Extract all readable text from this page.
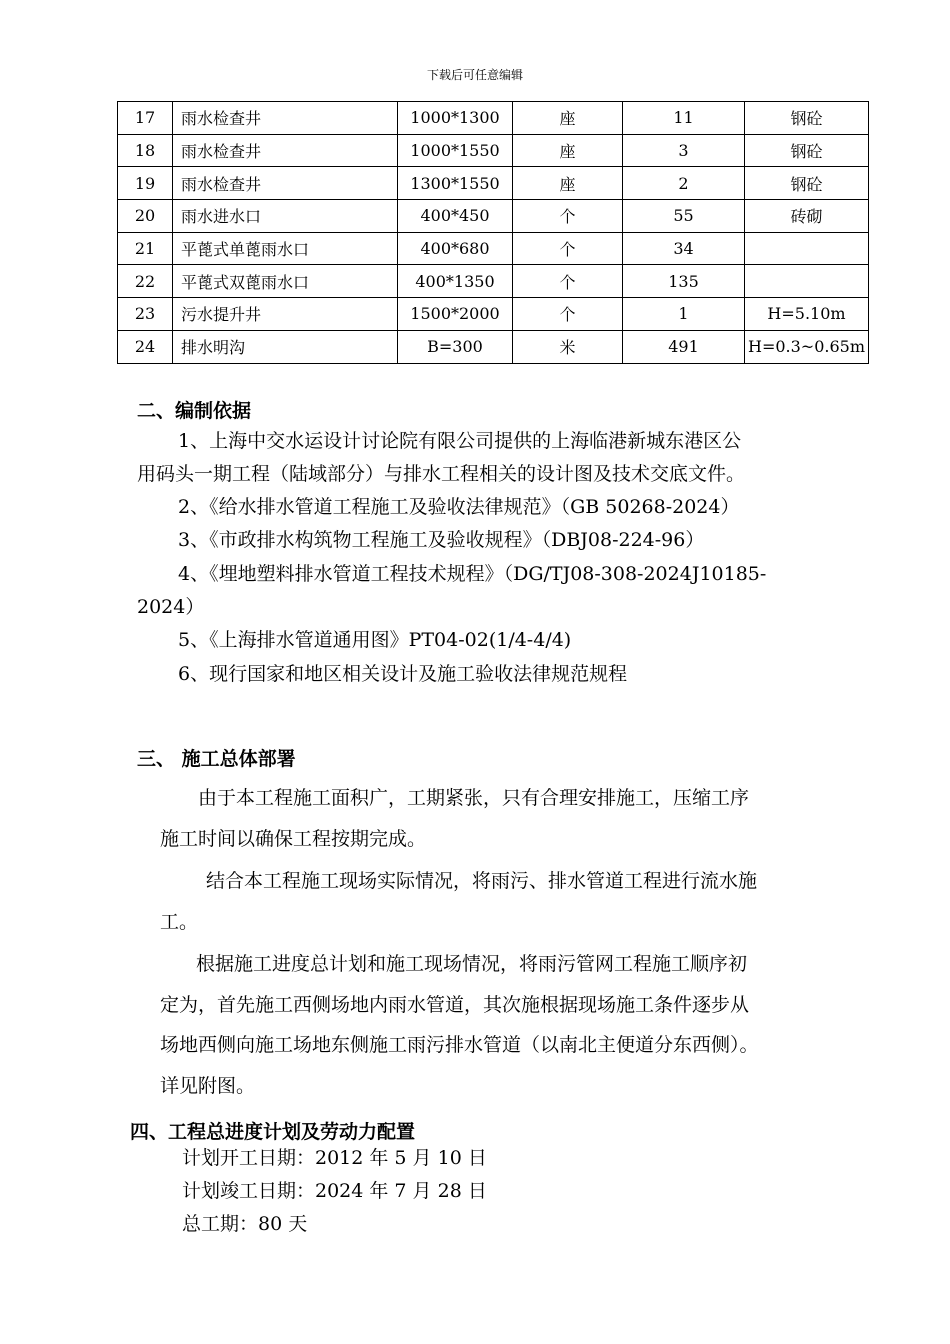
下载后可任意编辑
17	雨水检查井	1000*1300	座	11	钢砼
18	雨水检查井	1000*1550	座	3	钢砼
19	雨水检查井	1300*1550	座	2	钢砼
20	雨水进水口	400*450	个	55	砖砌
21	平蓖式单蓖雨水口	400*680	个	34	
22	平蓖式双蓖雨水口	400*1350	个	135	
23	污水提升井	1500*2000	个	1	H=5.10m
24	排水明沟	B=300	米	491	H=0.3~0.65m
二、编制依据
1、上海中交水运设计讨论院有限公司提供的上海临港新城东港区公
用码头一期工程（陆域部分）与排水工程相关的设计图及技术交底文件。
2、《给水排水管道工程施工及验收法律规范》（GB 50268-2024）
3、《市政排水构筑物工程施工及验收规程》（DBJ08-224-96）
4、《埋地塑料排水管道工程技术规程》（DG/TJ08-308-2024J10185-
2024）
5、《上海排水管道通用图》PT04-02(1/4-4/4)
6、现行国家和地区相关设计及施工验收法律规范规程
三、 施工总体部署
由于本工程施工面积广，工期紧张，只有合理安排施工，压缩工序
施工时间以确保工程按期完成。
结合本工程施工现场实际情况，将雨污、排水管道工程进行流水施
工。
根据施工进度总计划和施工现场情况，将雨污管网工程施工顺序初
定为，首先施工西侧场地内雨水管道，其次施根据现场施工条件逐步从
场地西侧向施工场地东侧施工雨污排水管道（以南北主便道分东西侧）。
详见附图。
四、工程总进度计划及劳动力配置
计划开工日期：2012 年 5 月 10 日
计划竣工日期：2024 年 7 月 28 日
总工期：80 天
